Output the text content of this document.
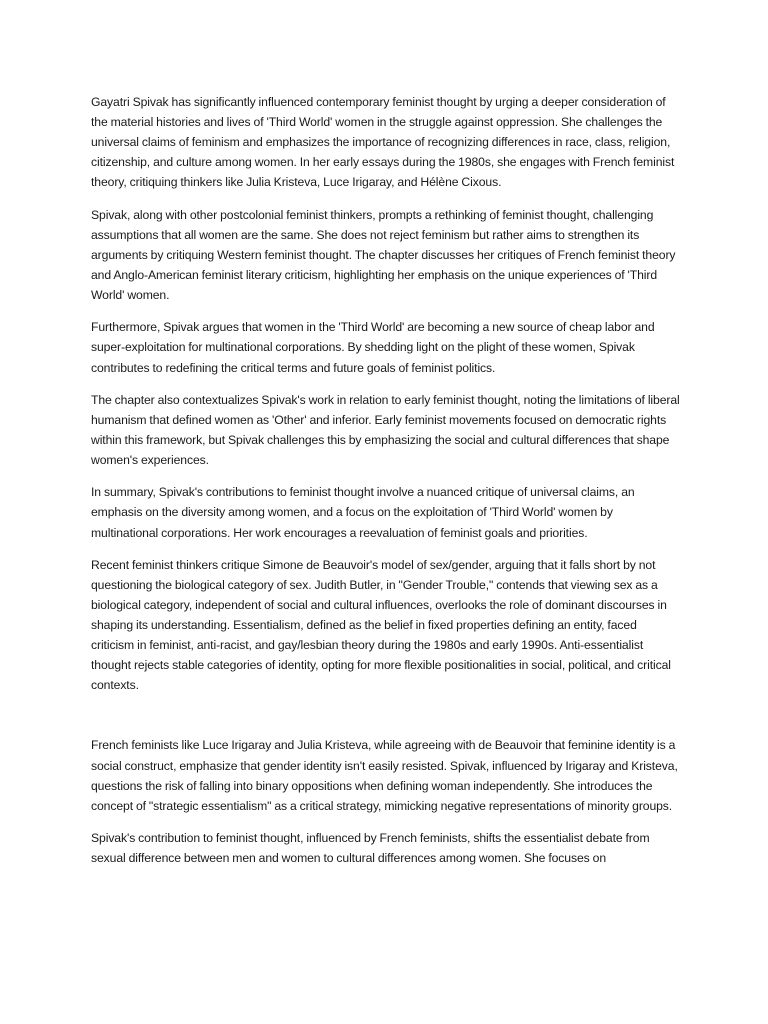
Gayatri Spivak has significantly influenced contemporary feminist thought by urging a deeper consideration of the material histories and lives of 'Third World' women in the struggle against oppression. She challenges the universal claims of feminism and emphasizes the importance of recognizing differences in race, class, religion, citizenship, and culture among women. In her early essays during the 1980s, she engages with French feminist theory, critiquing thinkers like Julia Kristeva, Luce Irigaray, and Hélène Cixous.

Spivak, along with other postcolonial feminist thinkers, prompts a rethinking of feminist thought, challenging assumptions that all women are the same. She does not reject feminism but rather aims to strengthen its arguments by critiquing Western feminist thought. The chapter discusses her critiques of French feminist theory and Anglo-American feminist literary criticism, highlighting her emphasis on the unique experiences of 'Third World' women.

Furthermore, Spivak argues that women in the 'Third World' are becoming a new source of cheap labor and super-exploitation for multinational corporations. By shedding light on the plight of these women, Spivak contributes to redefining the critical terms and future goals of feminist politics.

The chapter also contextualizes Spivak's work in relation to early feminist thought, noting the limitations of liberal humanism that defined women as 'Other' and inferior. Early feminist movements focused on democratic rights within this framework, but Spivak challenges this by emphasizing the social and cultural differences that shape women's experiences.

In summary, Spivak's contributions to feminist thought involve a nuanced critique of universal claims, an emphasis on the diversity among women, and a focus on the exploitation of 'Third World' women by multinational corporations. Her work encourages a reevaluation of feminist goals and priorities.

Recent feminist thinkers critique Simone de Beauvoir's model of sex/gender, arguing that it falls short by not questioning the biological category of sex. Judith Butler, in "Gender Trouble," contends that viewing sex as a biological category, independent of social and cultural influences, overlooks the role of dominant discourses in shaping its understanding. Essentialism, defined as the belief in fixed properties defining an entity, faced criticism in feminist, anti-racist, and gay/lesbian theory during the 1980s and early 1990s. Anti-essentialist thought rejects stable categories of identity, opting for more flexible positionalities in social, political, and critical contexts.

French feminists like Luce Irigaray and Julia Kristeva, while agreeing with de Beauvoir that feminine identity is a social construct, emphasize that gender identity isn't easily resisted. Spivak, influenced by Irigaray and Kristeva, questions the risk of falling into binary oppositions when defining woman independently. She introduces the concept of "strategic essentialism" as a critical strategy, mimicking negative representations of minority groups.

Spivak's contribution to feminist thought, influenced by French feminists, shifts the essentialist debate from sexual difference between men and women to cultural differences among women. She focuses on
